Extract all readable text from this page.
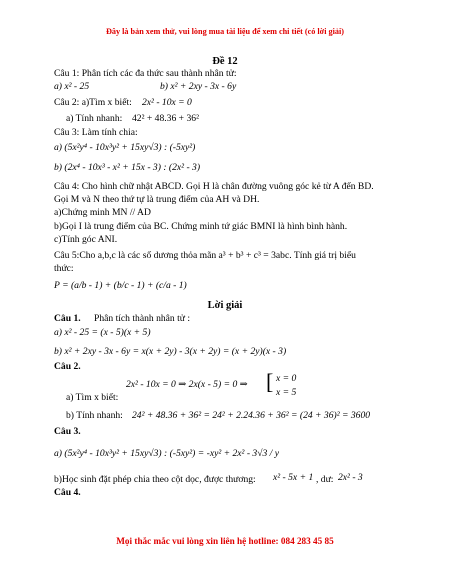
Đây là bản xem thử, vui lòng mua tài liệu để xem chi tiết (có lời giải)
Đề 12
Câu 1: Phân tích các đa thức sau thành nhân tử:
a) x² - 25	b) x² + 2xy - 3x - 6y
Câu 2: a)Tìm x biết: 2x² - 10x = 0
a) Tính nhanh: 42² + 48.36 + 36²
Câu 3: Làm tính chia:
a) (5x²y⁴ - 10x³y² + 15xy√3) : (-5xy²)
b) (2x⁴ - 10x³ - x² + 15x - 3) : (2x² - 3)
Câu 4: Cho hình chữ nhật ABCD. Gọi H là chân đường vuông góc kẻ từ A đến BD.
Gọi M và N theo thứ tự là trung điểm của AH và DH.
a)Chứng minh MN // AD
b)Gọi I là trung điểm của BC. Chứng minh tứ giác BMNI là hình bình hành.
c)Tính góc ANI.
Câu 5:Cho a,b,c là các số dương thỏa mãn a³ + b³ + c³ = 3abc. Tính giá trị biểu
thức:
P = (a/b - 1) + (b/c - 1) + (c/a - 1)
Lời giải
Câu 1. Phân tích thành nhân tử :
a) x² - 25 = (x - 5)(x + 5)
b) x² + 2xy - 3x - 6y = x(x + 2y) - 3(x + 2y) = (x + 2y)(x - 3)
Câu 2.
2x² - 10x = 0 ⇒ 2x(x - 5) = 0 ⇒ [ x = 0
x = 5
a) Tìm x biết:
b) Tính nhanh: 24² + 48.36 + 36² = 24² + 2.24.36 + 36² = (24 + 36)² = 3600
Câu 3.
a) (5x²y⁴ - 10x³y² + 15xy√3) : (-5xy²) = -xy² + 2x² - 3√3 / y
b)Học sinh đặt phép chia theo cột dọc, được thương: x² - 5x + 1 , dư: 2x² - 3
Câu 4.
Mọi thắc mắc vui lòng xin liên hệ hotline: 084 283 45 85
